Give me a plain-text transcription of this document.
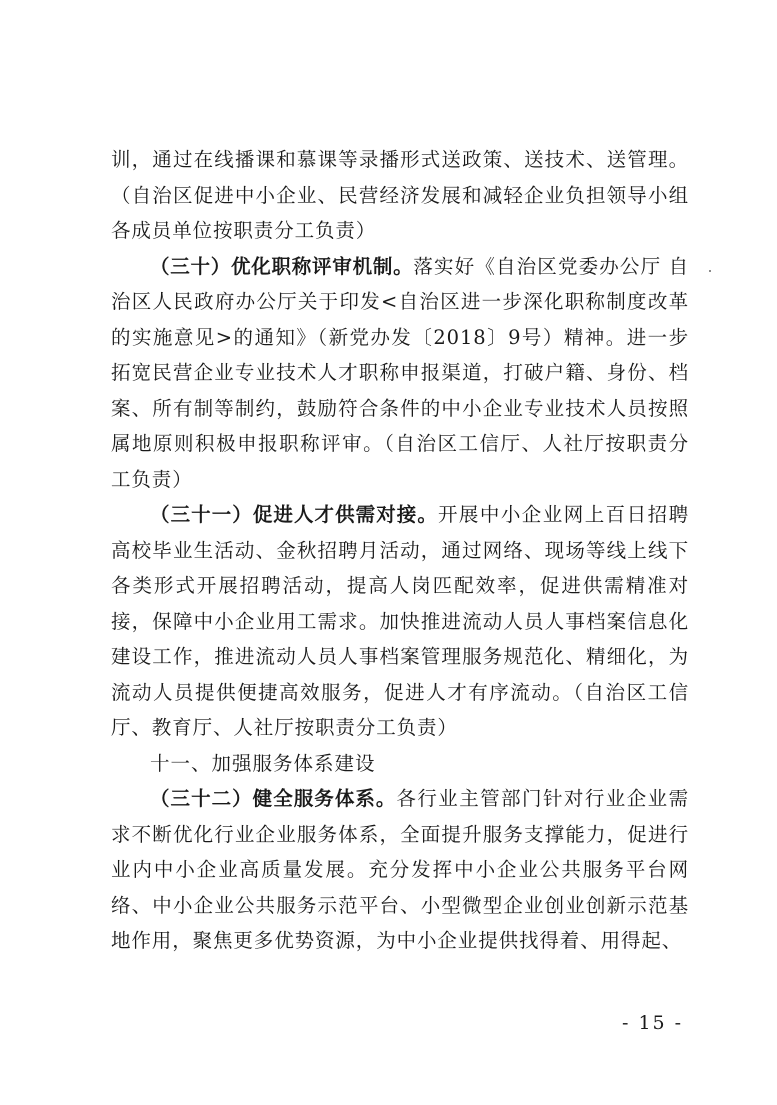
训，通过在线播课和慕课等录播形式送政策、送技术、送管理。（自治区促进中小企业、民营经济发展和减轻企业负担领导小组各成员单位按职责分工负责）

（三十）优化职称评审机制。落实好《自治区党委办公厅 自治区人民政府办公厅关于印发<自治区进一步深化职称制度改革的实施意见>的通知》（新党办发〔2018〕9号）精神。进一步拓宽民营企业专业技术人才职称申报渠道，打破户籍、身份、档案、所有制等制约，鼓励符合条件的中小企业专业技术人员按照属地原则积极申报职称评审。（自治区工信厅、人社厅按职责分工负责）

（三十一）促进人才供需对接。开展中小企业网上百日招聘高校毕业生活动、金秋招聘月活动，通过网络、现场等线上线下各类形式开展招聘活动，提高人岗匹配效率，促进供需精准对接，保障中小企业用工需求。加快推进流动人员人事档案信息化建设工作，推进流动人员人事档案管理服务规范化、精细化，为流动人员提供便捷高效服务，促进人才有序流动。（自治区工信厅、教育厅、人社厅按职责分工负责）

十一、加强服务体系建设

（三十二）健全服务体系。各行业主管部门针对行业企业需求不断优化行业企业服务体系，全面提升服务支撑能力，促进行业内中小企业高质量发展。充分发挥中小企业公共服务平台网络、中小企业公共服务示范平台、小型微型企业创业创新示范基地作用，聚焦更多优势资源，为中小企业提供找得着、用得起、

- 15 -
